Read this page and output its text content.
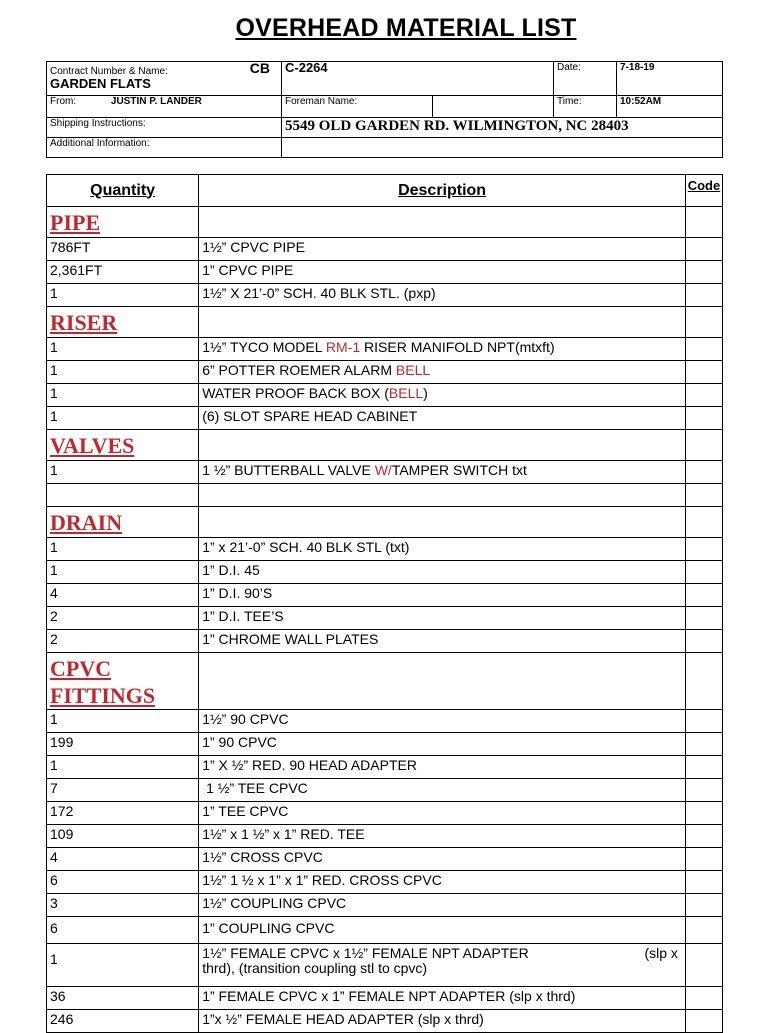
OVERHEAD MATERIAL LIST
Contract Number & Name: CB
GARDEN FLATS	C-2264		Date:	7-18-19
From: JUSTIN P. LANDER	Foreman Name:		Time:	10:52AM
Shipping Instructions:	5549 OLD GARDEN RD. WILMINGTON, NC 28403			
Additional Information:				
Quantity	Description	Code
PIPE		
786FT	1½” CPVC PIPE	
2,361FT	1” CPVC PIPE	
1	1½” X 21’-0” SCH. 40 BLK STL. (pxp)	
RISER		
1	1½” TYCO MODEL RM-1 RISER MANIFOLD NPT(mtxft)	
1	6” POTTER ROEMER ALARM BELL	
1	WATER PROOF BACK BOX (BELL)	
1	(6) SLOT SPARE HEAD CABINET	
VALVES		
1	1 ½” BUTTERBALL VALVE W/TAMPER SWITCH txt	

DRAIN		
1	1” x 21’-0” SCH. 40 BLK STL (txt)	
1	1” D.I. 45	
4	1” D.I. 90’S	
2	1” D.I. TEE’S	
2	1” CHROME WALL PLATES	
CPVC
FITTINGS		
1	1½” 90 CPVC	
199	1” 90 CPVC	
1	1” X ½” RED. 90 HEAD ADAPTER	
7	1 ½” TEE CPVC	
172	1” TEE CPVC	
109	1½” x 1 ½” x 1” RED. TEE	
4	1½” CROSS CPVC	
6	1½” 1 ½ x 1” x 1” RED. CROSS CPVC	
3	1½” COUPLING CPVC	
6	1” COUPLING CPVC	
1	1½” FEMALE CPVC x 1½” FEMALE NPT ADAPTER (slp x
thrd), (transition coupling stl to cpvc)	

36	1” FEMALE CPVC x 1” FEMALE NPT ADAPTER (slp x thrd)	
246	1”x ½” FEMALE HEAD ADAPTER (slp x thrd)	
